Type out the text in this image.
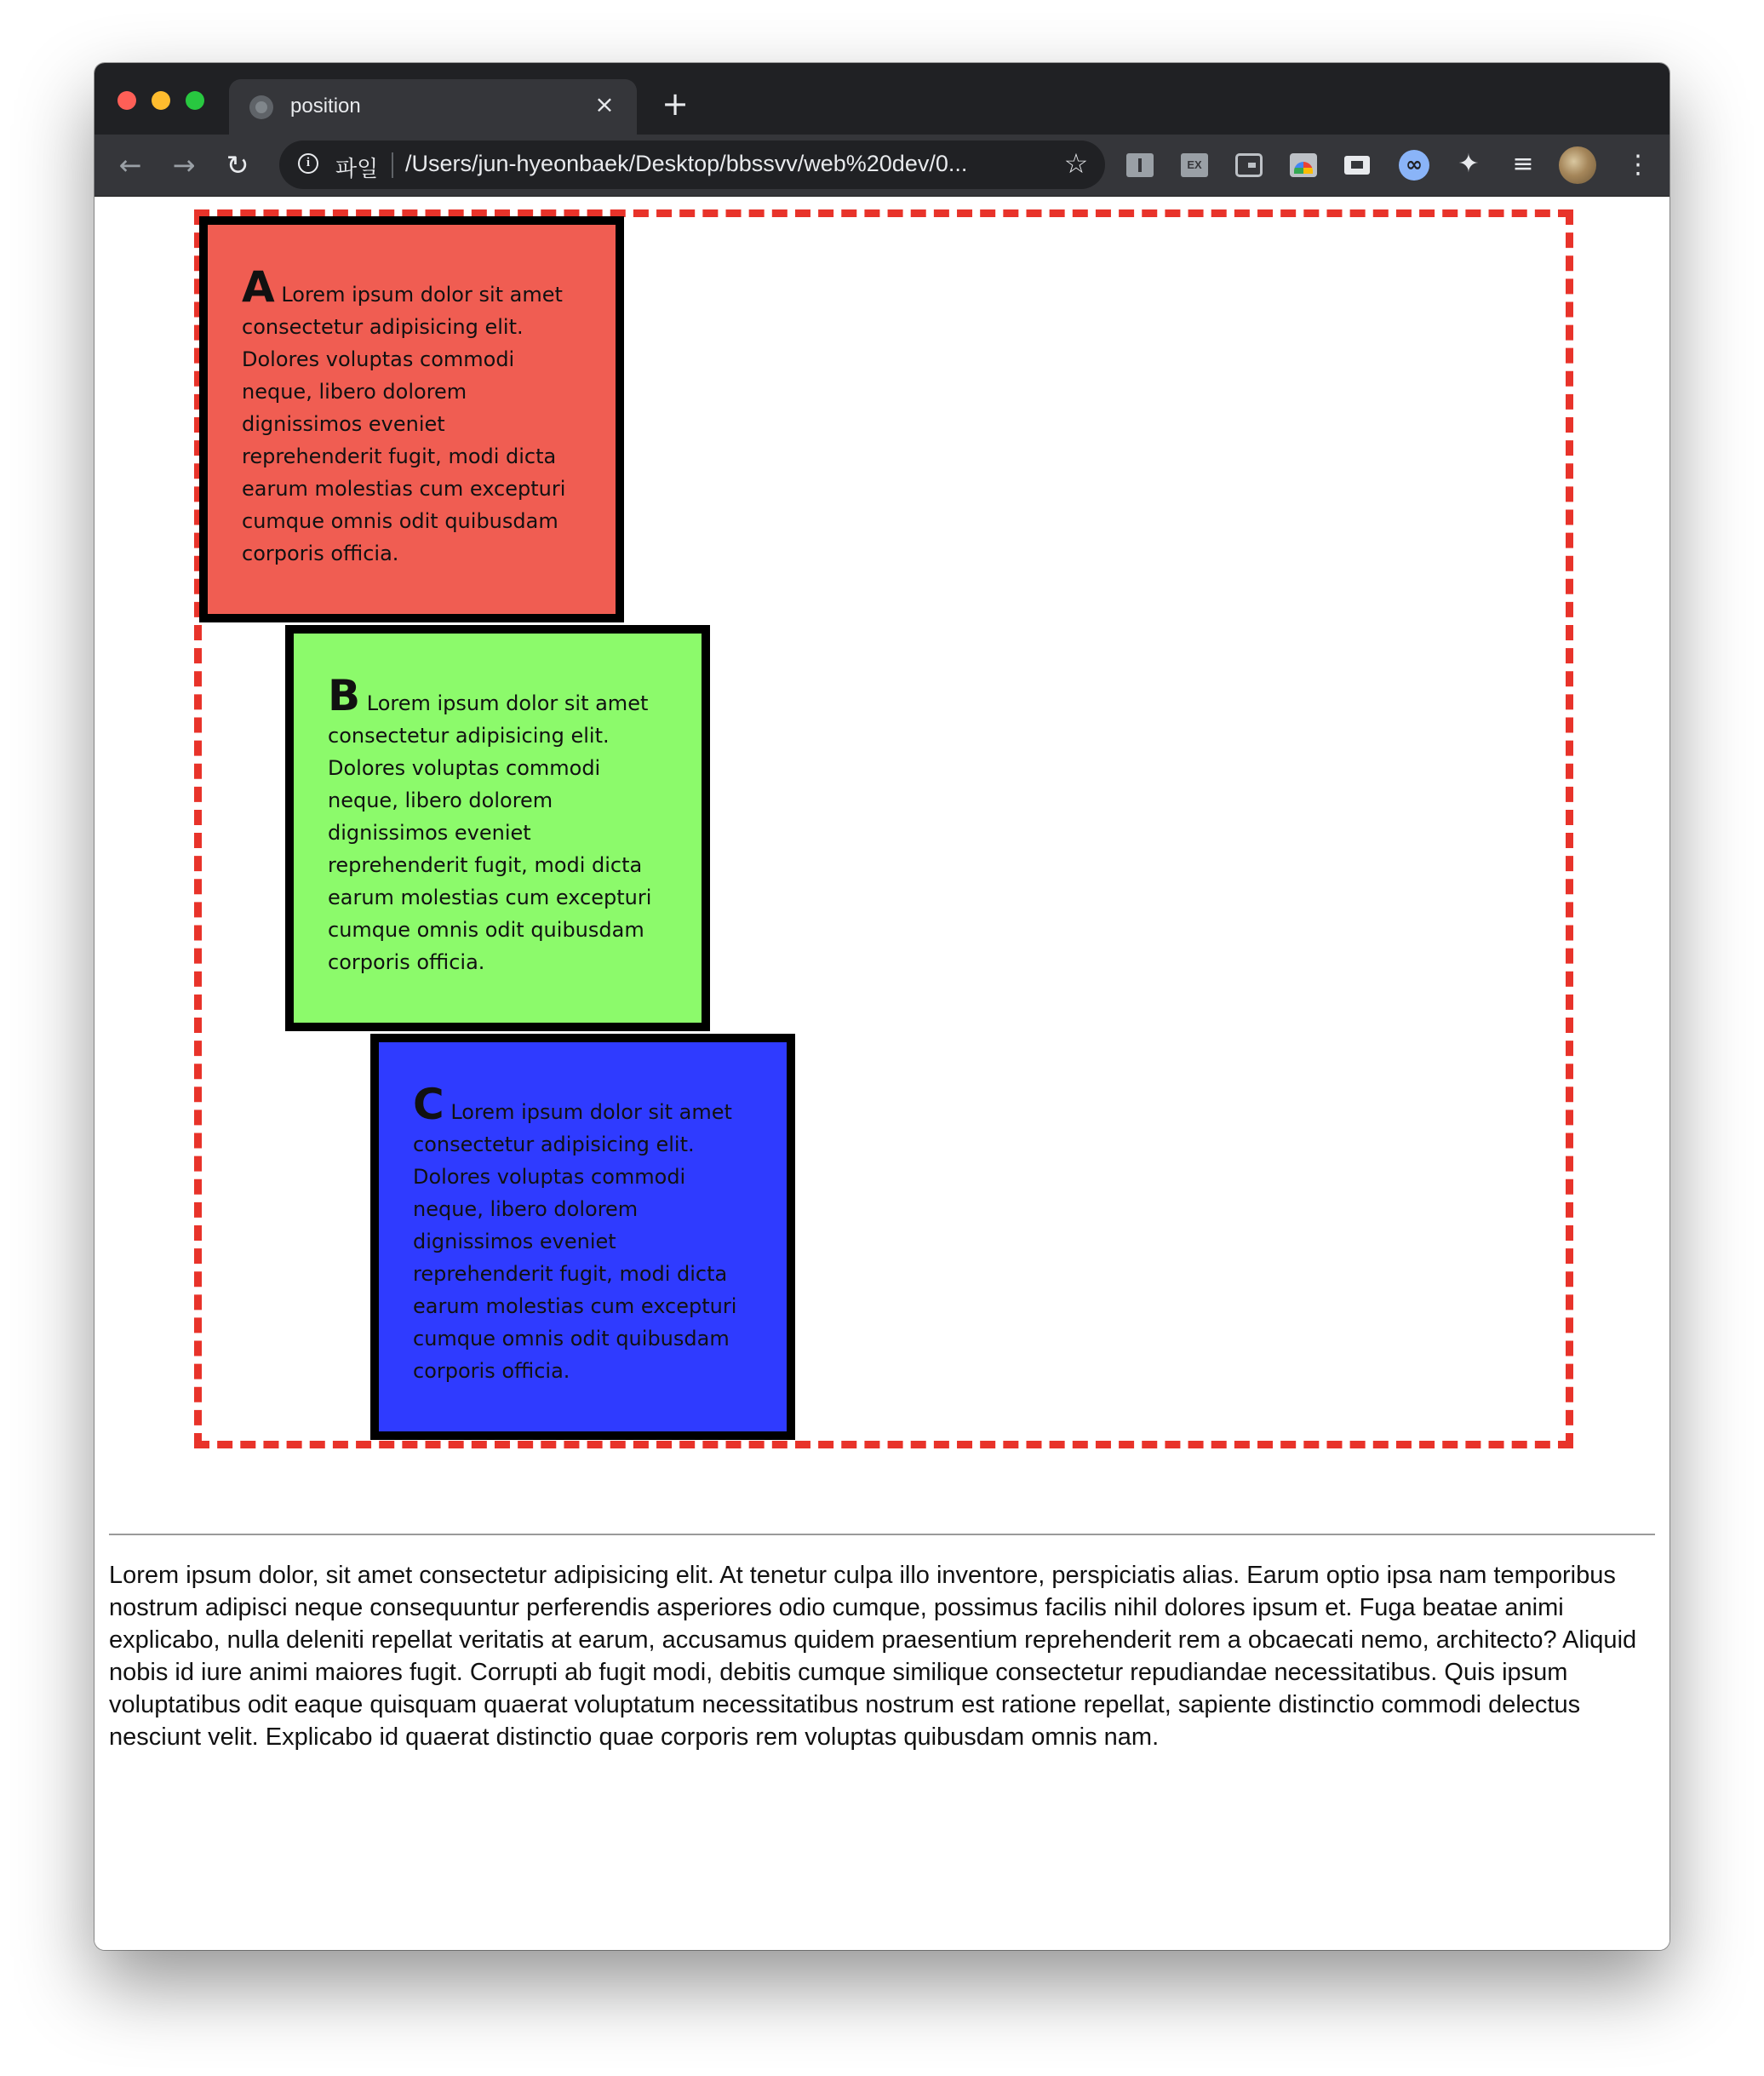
position	× +
← → ↻	i	파일 /Users/jun-hyeonbaek/Desktop/bbssvv/web%20dev/0...	☆	EX
∞	✦ ≡	⋮
A Lorem ipsum dolor sit amet consectetur adipisicing elit. Dolores voluptas commodi neque, libero dolorem dignissimos eveniet reprehenderit fugit, modi dicta earum molestias cum excepturi cumque omnis odit quibusdam corporis officia.
B Lorem ipsum dolor sit amet consectetur adipisicing elit. Dolores voluptas commodi neque, libero dolorem dignissimos eveniet reprehenderit fugit, modi dicta earum molestias cum excepturi cumque omnis odit quibusdam corporis officia.
C Lorem ipsum dolor sit amet consectetur adipisicing elit. Dolores voluptas commodi neque, libero dolorem dignissimos eveniet reprehenderit fugit, modi dicta earum molestias cum excepturi cumque omnis odit quibusdam corporis officia.
Lorem ipsum dolor, sit amet consectetur adipisicing elit. At tenetur culpa illo inventore, perspiciatis alias. Earum optio ipsa nam temporibus nostrum adipisci neque consequuntur perferendis asperiores odio cumque, possimus facilis nihil dolores ipsum et. Fuga beatae animi explicabo, nulla deleniti repellat veritatis at earum, accusamus quidem praesentium reprehenderit rem a obcaecati nemo, architecto? Aliquid nobis id iure animi maiores fugit. Corrupti ab fugit modi, debitis cumque similique consectetur repudiandae necessitatibus. Quis ipsum voluptatibus odit eaque quisquam quaerat voluptatum necessitatibus nostrum est ratione repellat, sapiente distinctio commodi delectus nesciunt velit. Explicabo id quaerat distinctio quae corporis rem voluptas quibusdam omnis nam.
